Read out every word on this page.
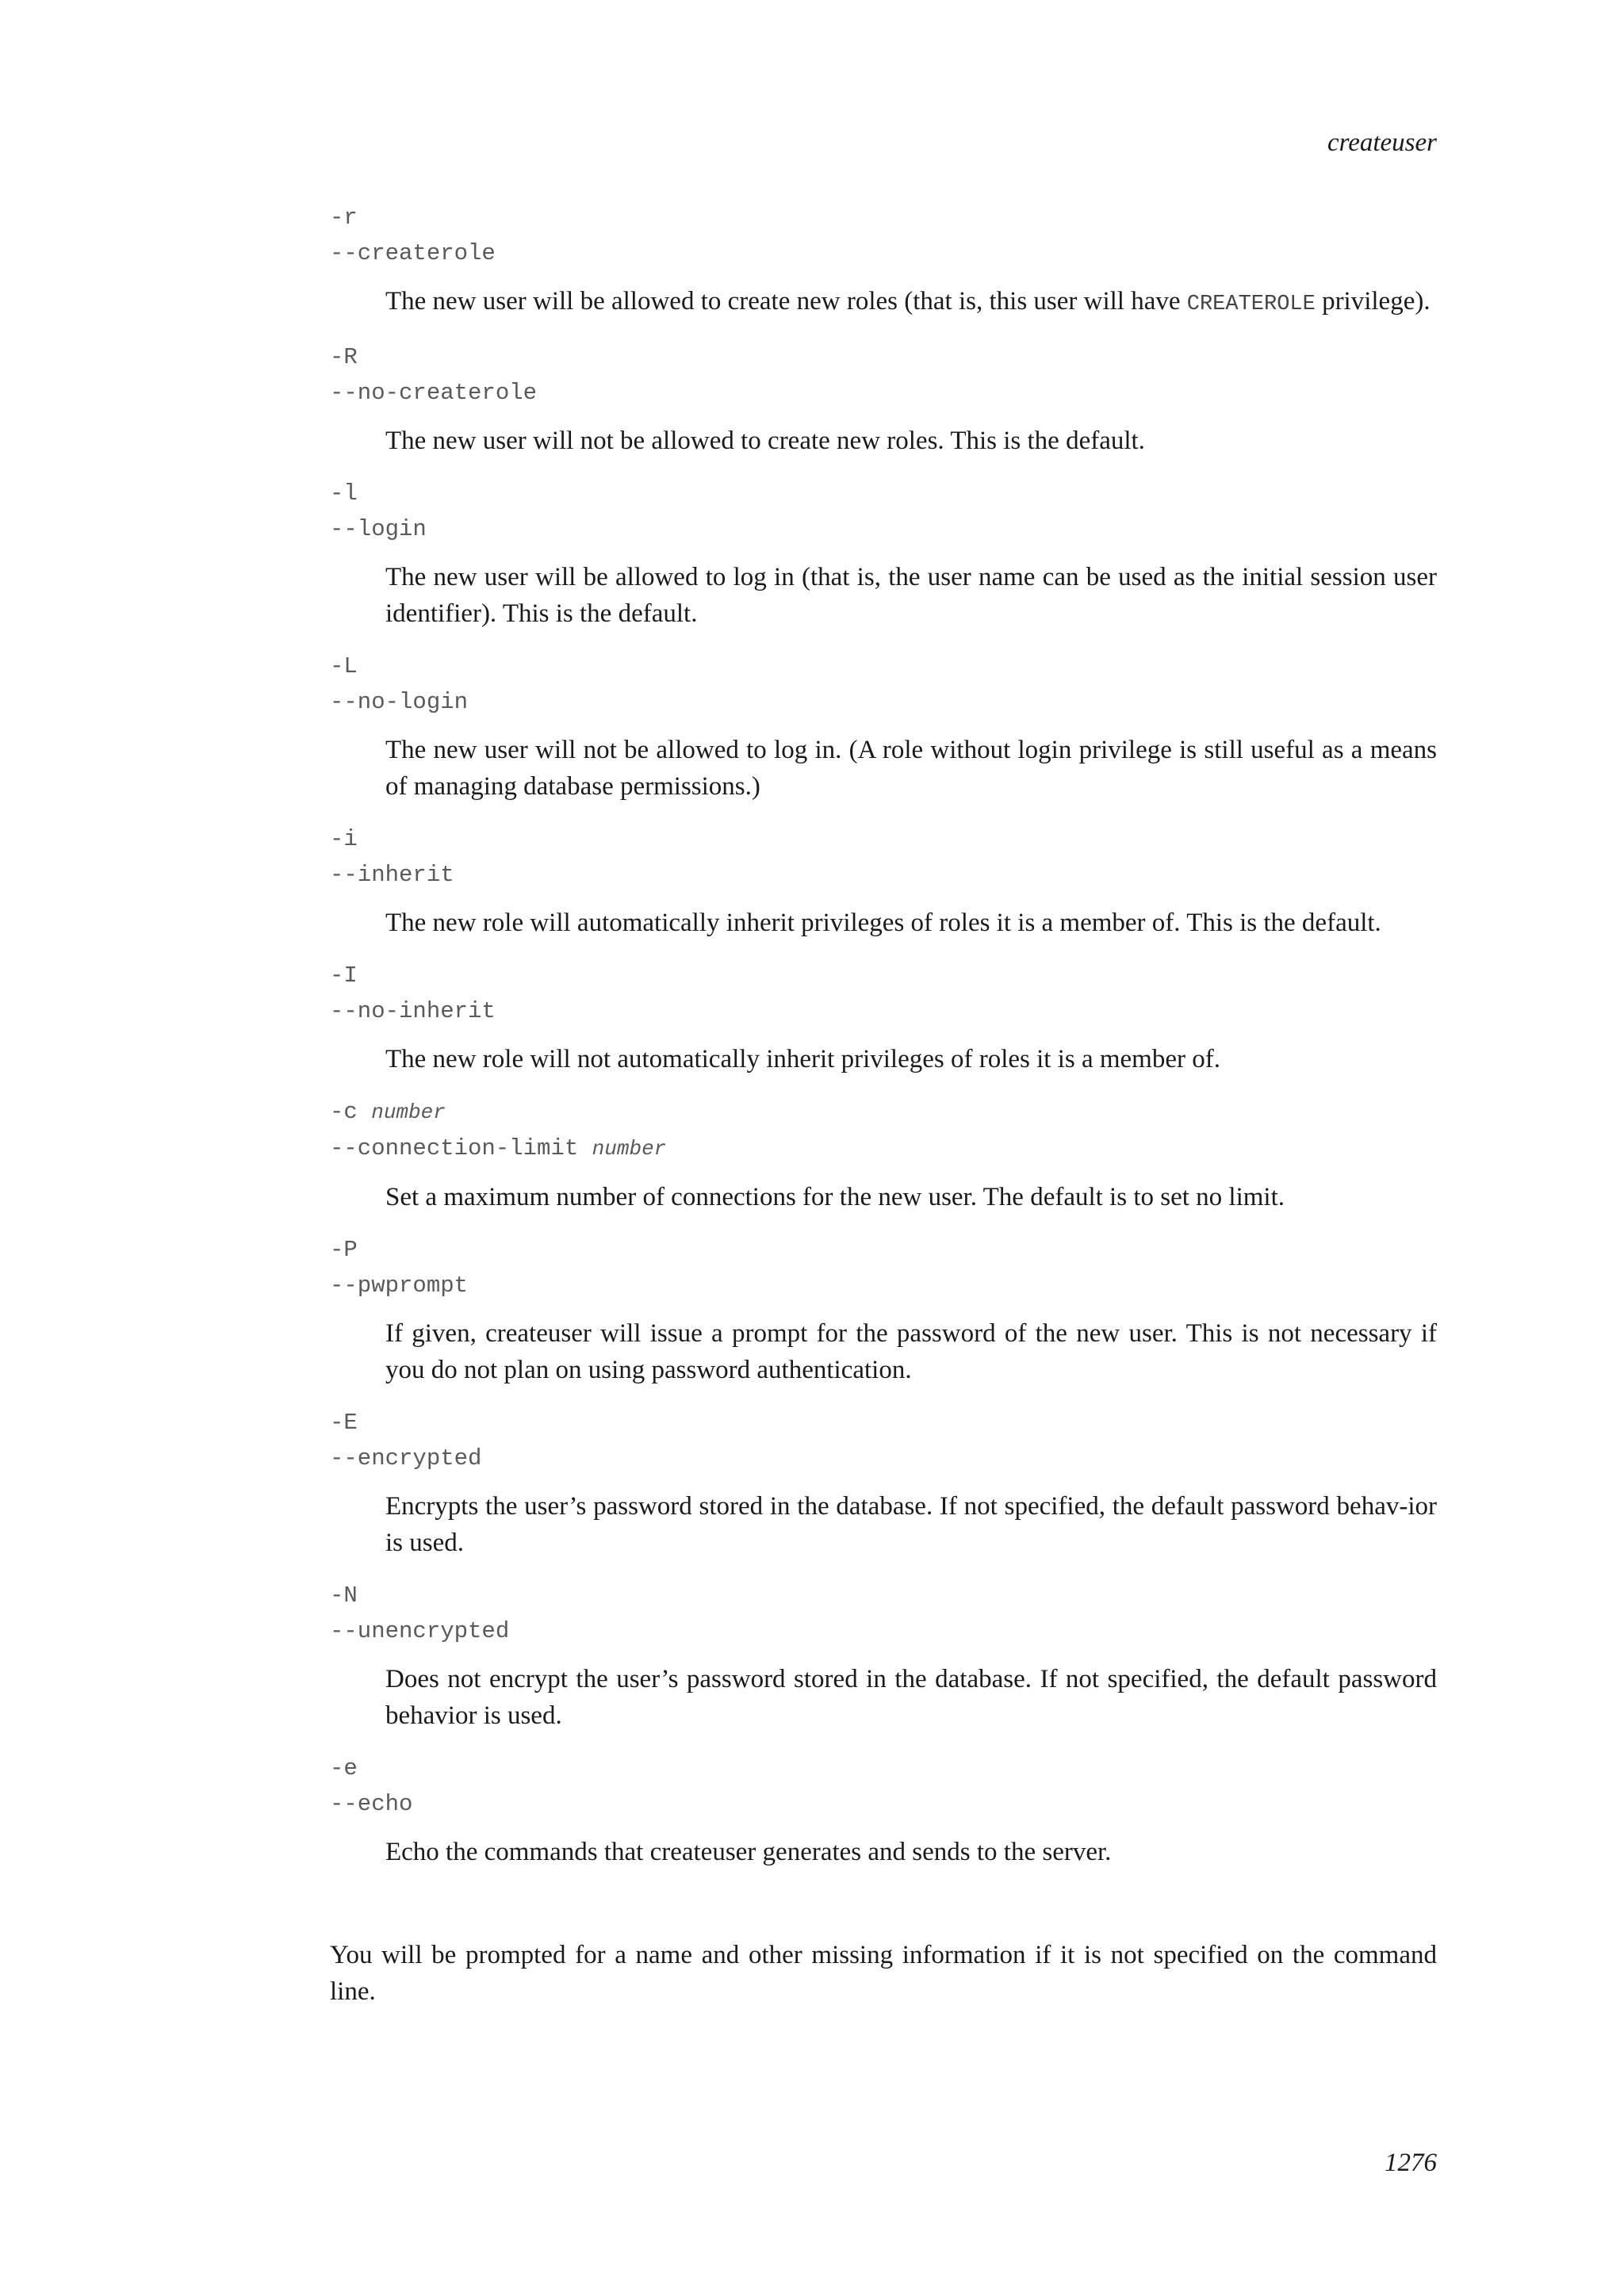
createuser
-r
--createrole
The new user will be allowed to create new roles (that is, this user will have CREATEROLE privilege).
-R
--no-createrole
The new user will not be allowed to create new roles. This is the default.
-l
--login
The new user will be allowed to log in (that is, the user name can be used as the initial session user identifier). This is the default.
-L
--no-login
The new user will not be allowed to log in. (A role without login privilege is still useful as a means of managing database permissions.)
-i
--inherit
The new role will automatically inherit privileges of roles it is a member of. This is the default.
-I
--no-inherit
The new role will not automatically inherit privileges of roles it is a member of.
-c number
--connection-limit number
Set a maximum number of connections for the new user. The default is to set no limit.
-P
--pwprompt
If given, createuser will issue a prompt for the password of the new user. This is not necessary if you do not plan on using password authentication.
-E
--encrypted
Encrypts the user’s password stored in the database. If not specified, the default password behav-ior is used.
-N
--unencrypted
Does not encrypt the user’s password stored in the database. If not specified, the default password behavior is used.
-e
--echo
Echo the commands that createuser generates and sends to the server.
You will be prompted for a name and other missing information if it is not specified on the command line.
1276
